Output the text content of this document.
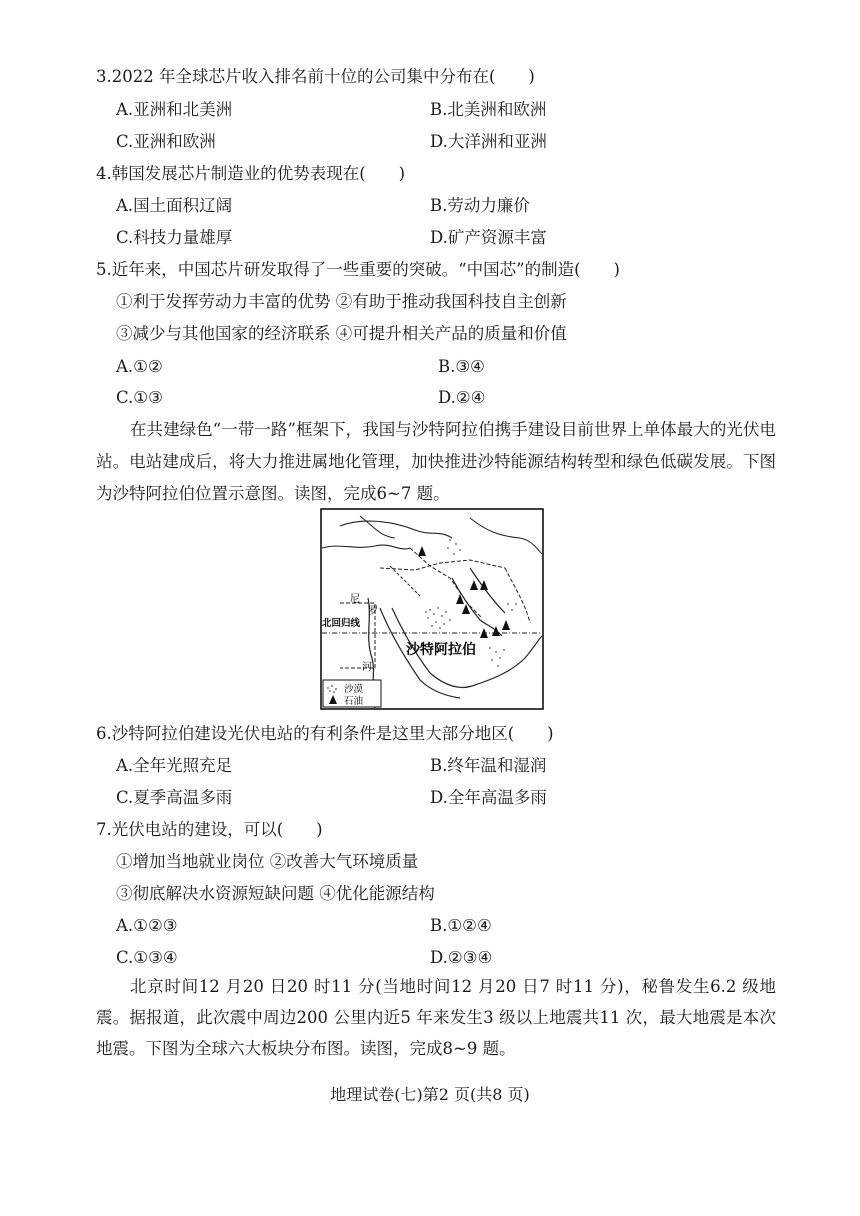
3.2022 年全球芯片收入排名前十位的公司集中分布在(　　)
A.亚洲和北美洲	B.北美洲和欧洲
C.亚洲和欧洲	D.大洋洲和亚洲
4.韩国发展芯片制造业的优势表现在(　　)
A.国土面积辽阔	B.劳动力廉价
C.科技力量雄厚	D.矿产资源丰富
5.近年来，中国芯片研发取得了一些重要的突破。“中国芯”的制造(　　)
①利于发挥劳动力丰富的优势 ②有助于推动我国科技自主创新
③减少与其他国家的经济联系 ④可提升相关产品的质量和价值
A.①②	B.③④
C.①③	D.②④
在共建绿色“一带一路”框架下，我国与沙特阿拉伯携手建设目前世界上单体最大的光伏电站。电站建成后，将大力推进属地化管理，加快推进沙特能源结构转型和绿色低碳发展。下图为沙特阿拉伯位置示意图。读图，完成6~7 题。
尼
罗
北回归线
河
沙特阿拉伯
沙漠
石油
6.沙特阿拉伯建设光伏电站的有利条件是这里大部分地区(　　)
A.全年光照充足	B.终年温和湿润
C.夏季高温多雨	D.全年高温多雨
7.光伏电站的建设，可以(　　)
①增加当地就业岗位 ②改善大气环境质量
③彻底解决水资源短缺问题 ④优化能源结构
A.①②③	B.①②④
C.①③④	D.②③④
北京时间12 月20 日20 时11 分(当地时间12 月20 日7 时11 分)，秘鲁发生6.2 级地震。据报道，此次震中周边200 公里内近5 年来发生3 级以上地震共11 次，最大地震是本次地震。下图为全球六大板块分布图。读图，完成8~9 题。
地理试卷(七)第2 页(共8 页)
